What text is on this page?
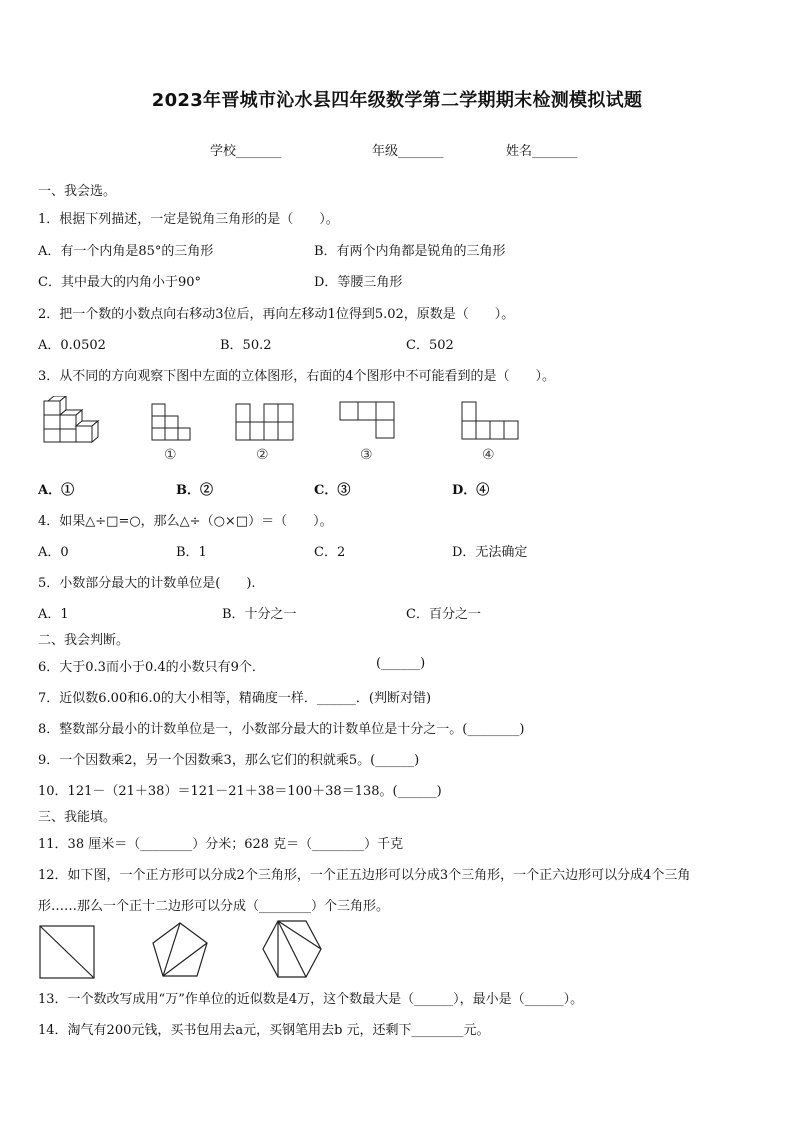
2023年晋城市沁水县四年级数学第二学期期末检测模拟试题
学校_______	年级_______	姓名_______
一、我会选。
1．根据下列描述，一定是锐角三角形的是（　　）。
A．有一个内角是85°的三角形	B．有两个内角都是锐角的三角形
C．其中最大的内角小于90°	D．等腰三角形
2．把一个数的小数点向右移动3位后，再向左移动1位得到5.02，原数是（　　）。
A．0.0502	B．50.2	C．502
3．从不同的方向观察下图中左面的立体图形，右面的4个图形中不可能看到的是（　　）。
①	②	③	④
A．①	B．②	C．③	D．④
4．如果△÷□=○，那么△÷（○×□）＝（　　）。
A．0	B．1	C．2	D．无法确定
5．小数部分最大的计数单位是(　　).
A．1	B．十分之一	C．百分之一
二、我会判断。
6．大于0.3而小于0.4的小数只有9个．	(______)
7．近似数6.00和6.0的大小相等，精确度一样．______．(判断对错)
8．整数部分最小的计数单位是一，小数部分最大的计数单位是十分之一。(________)
9．一个因数乘2，另一个因数乘3，那么它们的积就乘5。(______)
10．121－（21＋38）＝121－21＋38＝100＋38＝138。(______)
三、我能填。
11．38 厘米＝（________）分米；628 克＝（________）千克
12．如下图，一个正方形可以分成2个三角形，一个正五边形可以分成3个三角形，一个正六边形可以分成4个三角
形……那么一个正十二边形可以分成（________）个三角形。
13．一个数改写成用“万”作单位的近似数是4万，这个数最大是（______），最小是（______）。
14．淘气有200元钱，买书包用去a元，买钢笔用去b 元，还剩下________元。
